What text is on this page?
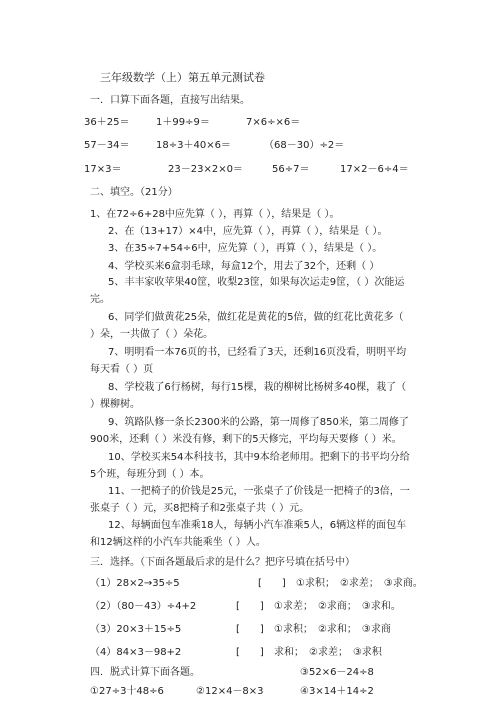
三年级数学（上）第五单元测试卷
一．口算下面各题，直接写出结果。
36＋25＝	1＋99÷9＝	7×6÷×6＝
57－34＝	18÷3＋40×6＝	（68－30）÷2＝
17×3＝	23－23×2×0＝	56÷7＝	17×2－6÷4＝
二、填空。（21分）
1、在72÷6+28中应先算（ ），再算（ ），结果是（ ）。
2、在（13+17）×4中，应先算（ ），再算（ ），结果是（ ）。
3、在35÷7+54÷6中，应先算（ ），再算（ ），结果是（ ）。
4、学校买来6盒羽毛球，每盒12个，用去了32个，还剩（ ）
5、丰丰家收苹果40筐，收梨23筐，如果每次运走9筐，（ ）次能运完。
6、同学们做黄花25朵，做红花是黄花的5倍，做的红花比黄花多（ ）朵，一共做了（ ）朵花。
7、明明看一本76页的书，已经看了3天，还剩16页没看，明明平均每天看（ ）页
8、学校栽了6行杨树，每行15棵，栽的柳树比杨树多40棵，栽了（ ）棵柳树。
9、筑路队修一条长2300米的公路，第一周修了850米，第二周修了900米，还剩（ ）米没有修，剩下的5天修完，平均每天要修（ ）米。
10、学校买来54本科技书，其中9本给老师用。把剩下的书平均分给5个班，每班分到（ ）本。
11、一把椅子的价钱是25元，一张桌子了价钱是一把椅子的3倍，一张桌子（ ）元，买8把椅子和2张桌子共（ ）元。
12、每辆面包车准乘18人，每辆小汽车准乘5人，6辆这样的面包车和12辆这样的小汽车共能乘坐（ ）人。
三．选择。（下面各题最后求的是什么？把序号填在括号中）
（1）28×2→35÷5	[　　] ①求积；　②求差；　③求商。
（2）（80－43）÷4+2	[　　] ①求差；　②求商；　③求和。
（3）20×3＋15÷5	[　　] ①求积；　②求和；　③求商
（4）84×3－98+2	[　　] 求和；　②求差；　③求积
四．脱式计算下面各题。
①27÷3十48÷6	②12×4－8×3
③52×6－24÷8
④3×14＋14÷2
